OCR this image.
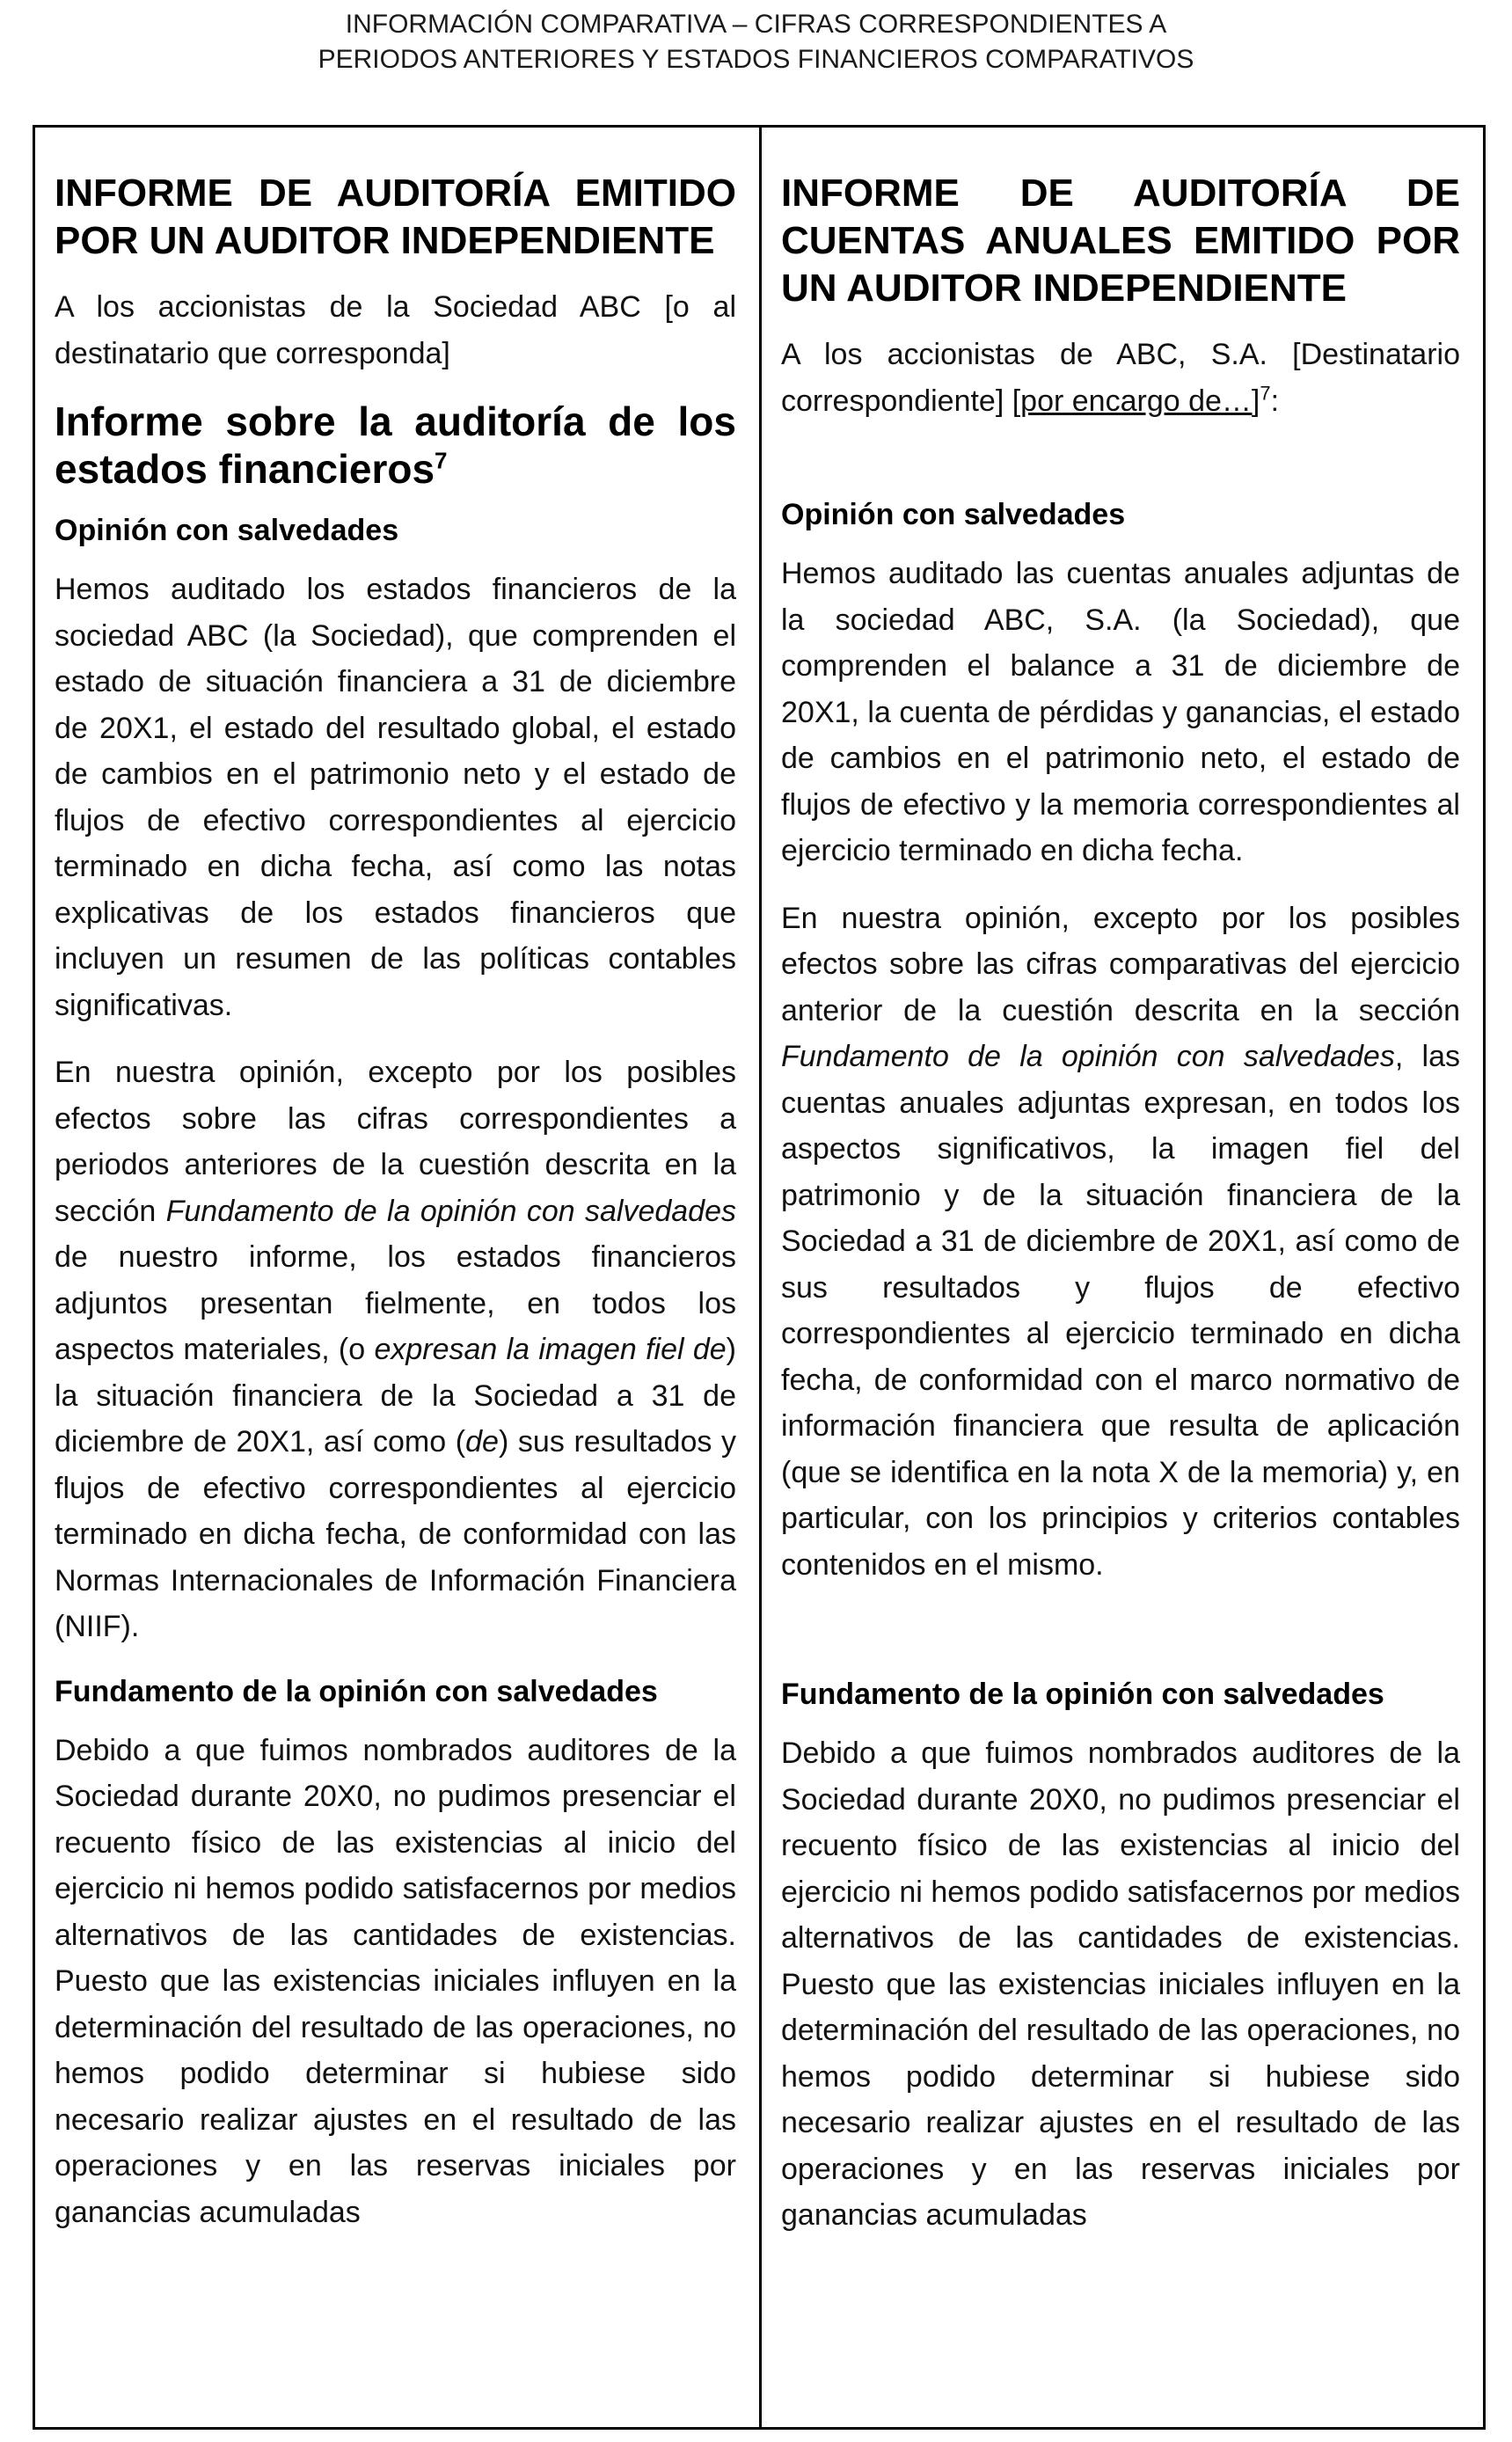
INFORMACIÓN COMPARATIVA – CIFRAS CORRESPONDIENTES A
PERIODOS ANTERIORES Y ESTADOS FINANCIEROS COMPARATIVOS
INFORME DE AUDITORÍA EMITIDO POR UN AUDITOR INDEPENDIENTE

A los accionistas de la Sociedad ABC [o al destinatario que corresponda]

Informe sobre la auditoría de los estados financieros$^7$
Opinión con salvedades

Hemos auditado los estados financieros de la sociedad ABC (la Sociedad), que comprenden el estado de situación financiera a 31 de diciembre de 20X1, el estado del resultado global, el estado de cambios en el patrimonio neto y el estado de flujos de efectivo correspondientes al ejercicio terminado en dicha fecha, así como las notas explicativas de los estados financieros que incluyen un resumen de las políticas contables significativas.

En nuestra opinión, excepto por los posibles efectos sobre las cifras correspondientes a periodos anteriores de la cuestión descrita en la sección Fundamento de la opinión con salvedades de nuestro informe, los estados financieros adjuntos presentan fielmente, en todos los aspectos materiales, (o expresan la imagen fiel de) la situación financiera de la Sociedad a 31 de diciembre de 20X1, así como (de) sus resultados y flujos de efectivo correspondientes al ejercicio terminado en dicha fecha, de conformidad con las Normas Internacionales de Información Financiera (NIIF).

Fundamento de la opinión con salvedades

Debido a que fuimos nombrados auditores de la Sociedad durante 20X0, no pudimos presenciar el recuento físico de las existencias al inicio del ejercicio ni hemos podido satisfacernos por medios alternativos de las cantidades de existencias. Puesto que las existencias iniciales influyen en la determinación del resultado de las operaciones, no hemos podido determinar si hubiese sido necesario realizar ajustes en el resultado de las operaciones y en las reservas iniciales por ganancias acumuladas

INFORME DE AUDITORÍA DE CUENTAS ANUALES EMITIDO POR UN AUDITOR INDEPENDIENTE

A los accionistas de ABC, S.A. [Destinatario correspondiente] [por encargo de…]$^7$:

Opinión con salvedades

Hemos auditado las cuentas anuales adjuntas de la sociedad ABC, S.A. (la Sociedad), que comprenden el balance a 31 de diciembre de 20X1, la cuenta de pérdidas y ganancias, el estado de cambios en el patrimonio neto, el estado de flujos de efectivo y la memoria correspondientes al ejercicio terminado en dicha fecha.

En nuestra opinión, excepto por los posibles efectos sobre las cifras comparativas del ejercicio anterior de la cuestión descrita en la sección Fundamento de la opinión con salvedades, las cuentas anuales adjuntas expresan, en todos los aspectos significativos, la imagen fiel del patrimonio y de la situación financiera de la Sociedad a 31 de diciembre de 20X1, así como de sus resultados y flujos de efectivo correspondientes al ejercicio terminado en dicha fecha, de conformidad con el marco normativo de información financiera que resulta de aplicación (que se identifica en la nota X de la memoria) y, en particular, con los principios y criterios contables contenidos en el mismo.

Fundamento de la opinión con salvedades

Debido a que fuimos nombrados auditores de la Sociedad durante 20X0, no pudimos presenciar el recuento físico de las existencias al inicio del ejercicio ni hemos podido satisfacernos por medios alternativos de las cantidades de existencias. Puesto que las existencias iniciales influyen en la determinación del resultado de las operaciones, no hemos podido determinar si hubiese sido necesario realizar ajustes en el resultado de las operaciones y en las reservas iniciales por ganancias acumuladas
